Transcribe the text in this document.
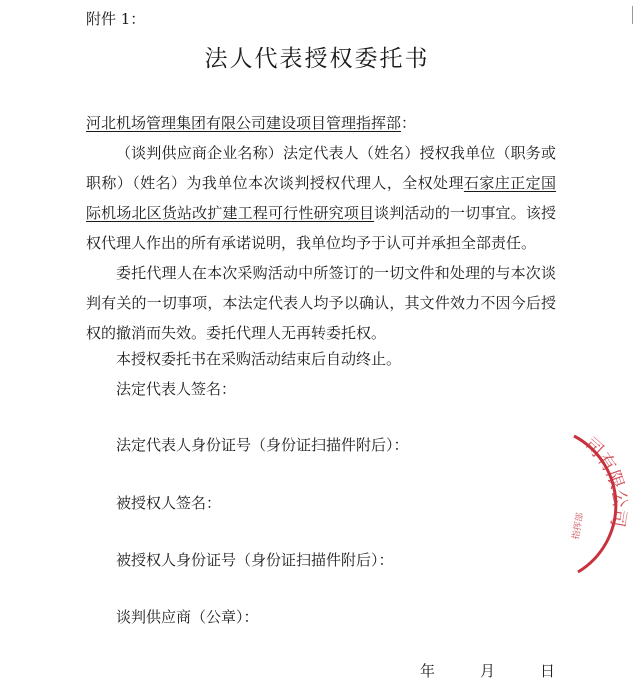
附件 1：
法人代表授权委托书
河北机场管理集团有限公司建设项目管理指挥部：
（谈判供应商企业名称）法定代表人（姓名）授权我单位（职务或职称）（姓名）为我单位本次谈判授权代理人，全权处理石家庄正定国际机场北区货站改扩建工程可行性研究项目谈判活动的一切事宜。该授权代理人作出的所有承诺说明，我单位均予于认可并承担全部责任。
委托代理人在本次采购活动中所签订的一切文件和处理的与本次谈判有关的一切事项，本法定代表人均予以确认，其文件效力不因今后授权的撤消而失效。委托代理人无再转委托权。
本授权委托书在采购活动结束后自动终止。
法定代表人签名：
法定代表人身份证号（身份证扫描件附后）：
被授权人签名：
被授权人身份证号（身份证扫描件附后）：
谈判供应商（公章）：
年	月	日
司有限公司
指挥部
